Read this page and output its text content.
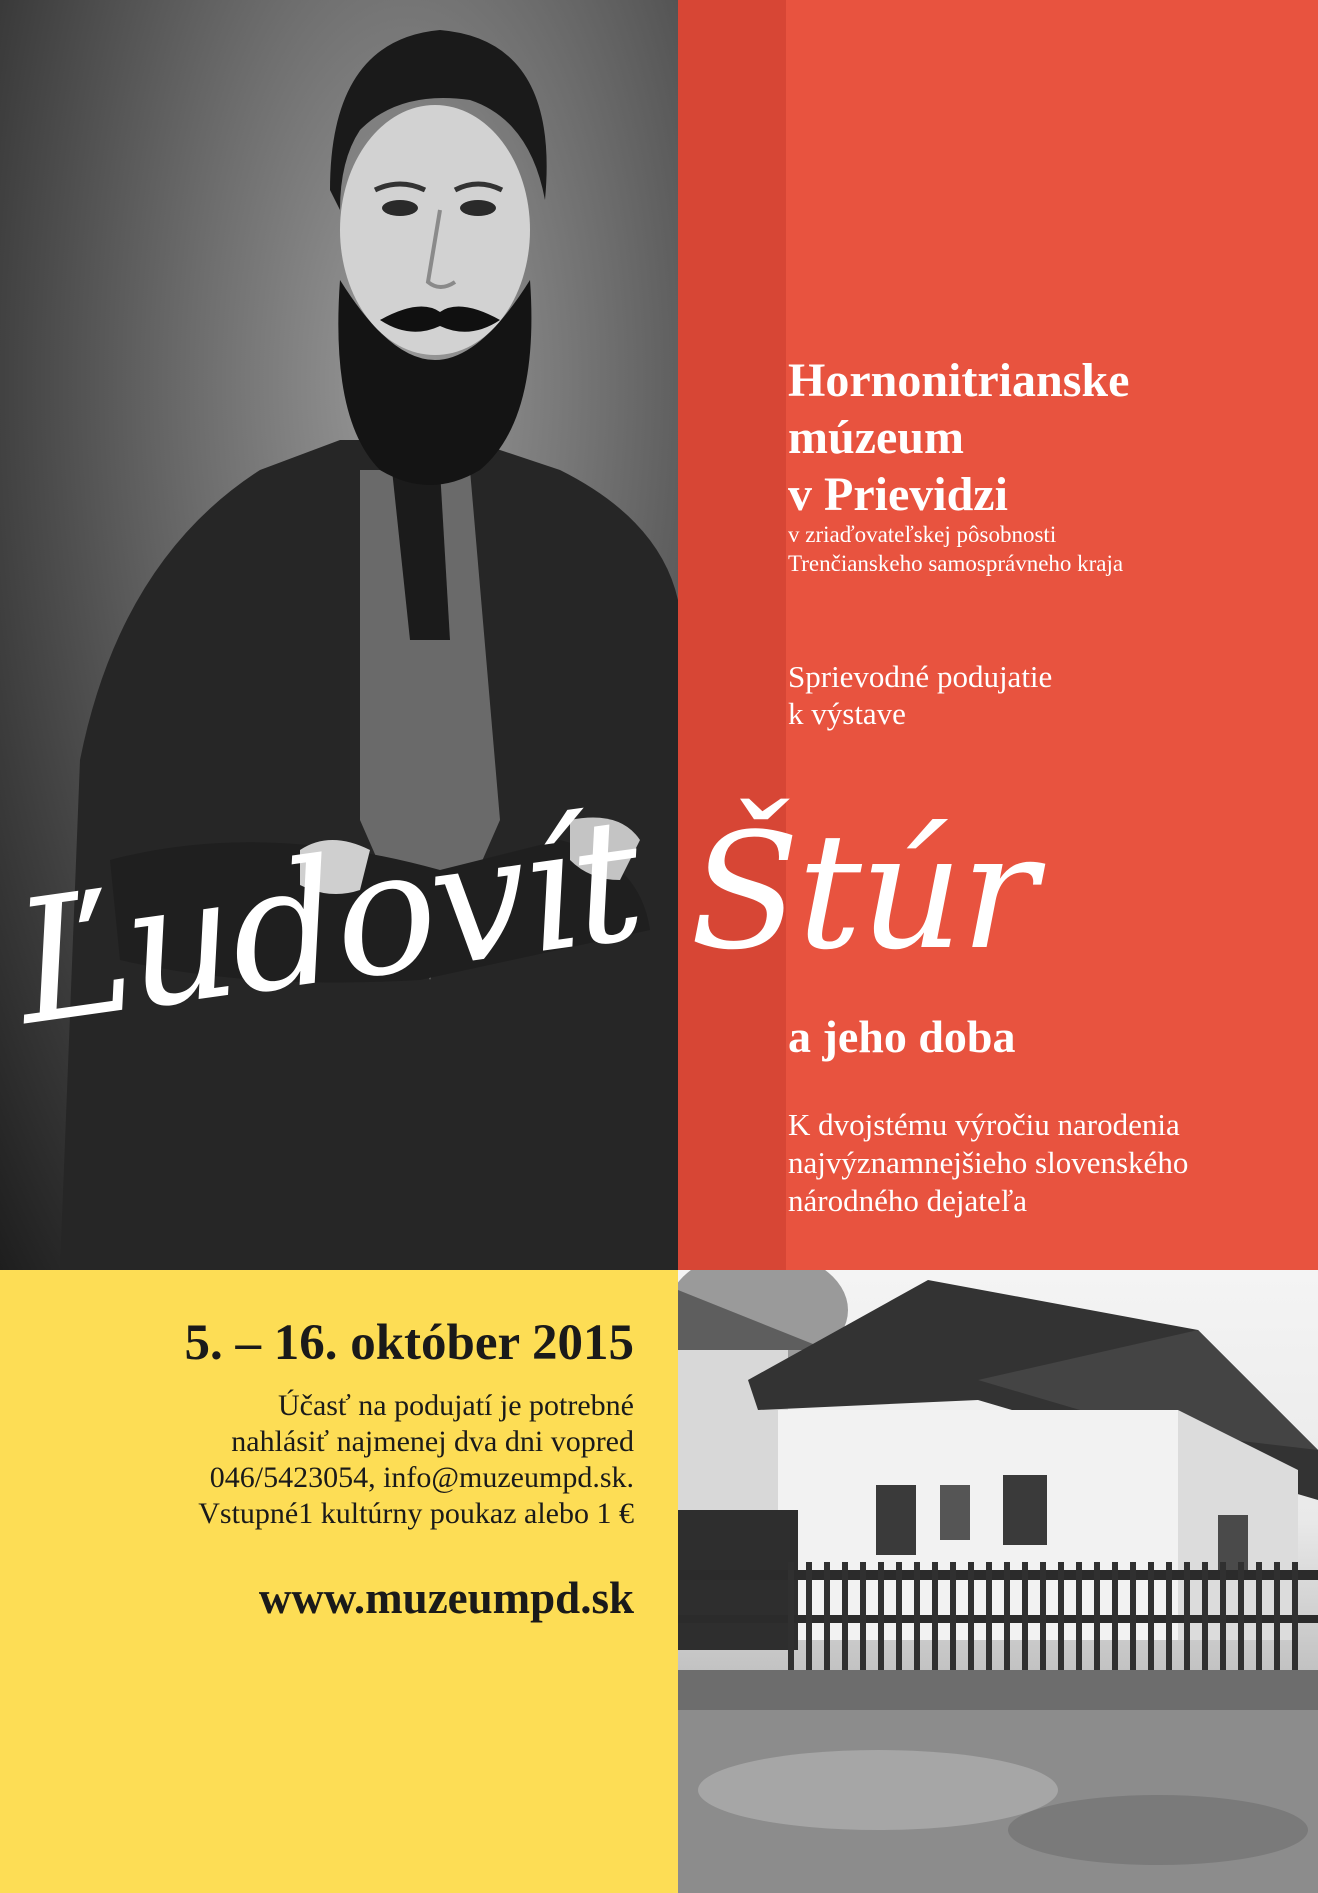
Hornonitrianske
múzeum
v Prievidzi

v zriaďovateľskej pôsobnosti
Trenčianskeho samosprávneho kraja

Sprievodné podujatie
k výstave

Ľudovít Štúr

a jeho doba

K dvojstému výročiu narodenia
najvýznamnejšieho slovenského
národného dejateľa

5. – 16. október 2015

Účasť na podujatí je potrebné
nahlásiť najmenej dva dni vopred
046/5423054, info@muzeumpd.sk.
Vstupné1 kultúrny poukaz alebo 1 €

www.muzeumpd.sk
